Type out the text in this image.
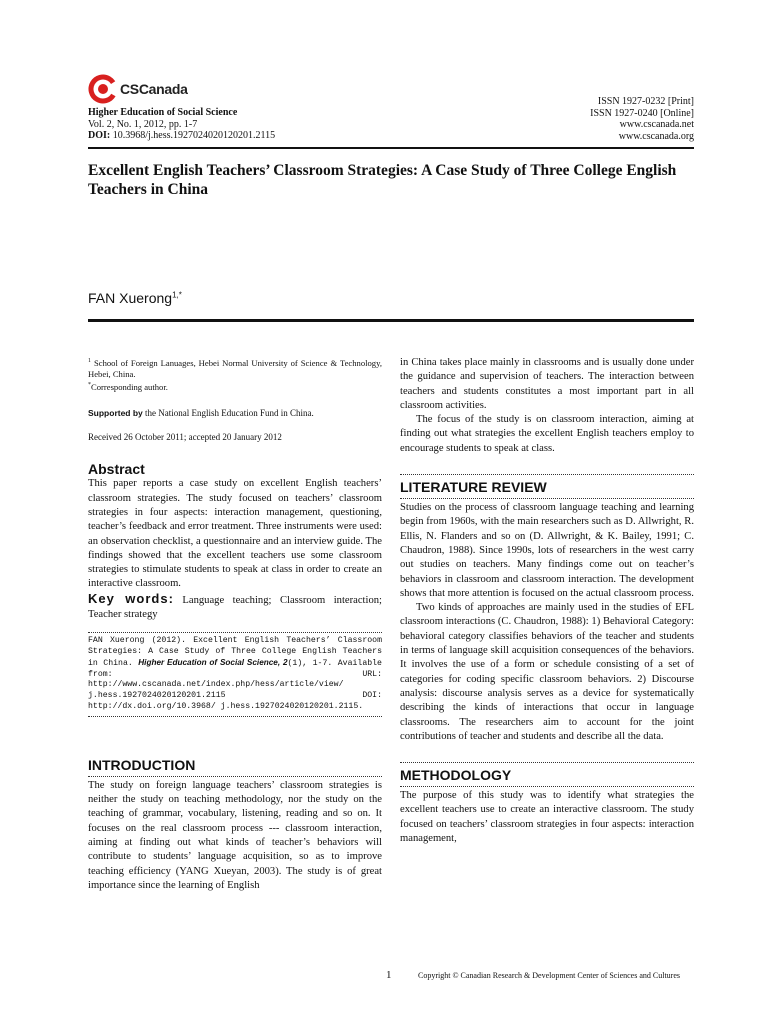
CSCanada
Higher Education of Social Science
Vol. 2, No. 1, 2012, pp. 1-7
DOI: 10.3968/j.hess.1927024020120201.2115
ISSN 1927-0232 [Print]
ISSN 1927-0240 [Online]
www.cscanada.net
www.cscanada.org
Excellent English Teachers’ Classroom Strategies: A Case Study of Three College English Teachers in China
FAN Xuerong$^{1,*}$
$^1$ School of Foreign Lanuages, Hebei Normal University of Science & Technology, Hebei, China.
*Corresponding author.
Supported by the National English Education Fund in China.
Received 26 October 2011; accepted 20 January 2012
Abstract

This paper reports a case study on excellent English teachers’ classroom strategies. The study focused on teachers’ classroom strategies in four aspects: interaction management, questioning, teacher’s feedback and error treatment. Three instruments were used: an observation checklist, a questionnaire and an interview guide. The findings showed that the excellent teachers use some classroom strategies to stimulate students to speak at class in order to create an interactive classroom.

Key words: Language teaching; Classroom interaction; Teacher strategy

FAN Xuerong (2012). Excellent English Teachers’ Classroom Strategies: A Case Study of Three College English Teachers in China. Higher Education of Social Science, 2(1), 1-7. Available from: URL: http://www.cscanada.net/index.php/hess/article/view/ j.hess.1927024020120201.2115 DOI: http://dx.doi.org/10.3968/ j.hess.1927024020120201.2115.
INTRODUCTION

The study on foreign language teachers’ classroom strategies is neither the study on teaching methodology, nor the study on the teaching of grammar, vocabulary, listening, reading and so on. It focuses on the real classroom process --- classroom interaction, aiming at finding out what kinds of teacher’s behaviors will contribute to students’ language acquisition, so as to improve teaching efficiency (YANG Xueyan, 2003). The study is of great importance since the learning of English

in China takes place mainly in classrooms and is usually done under the guidance and supervision of teachers. The interaction between teachers and students constitutes a most important part in all classroom activities.

The focus of the study is on classroom interaction, aiming at finding out what strategies the excellent English teachers employ to encourage students to speak at class.

LITERATURE REVIEW

Studies on the process of classroom language teaching and learning begin from 1960s, with the main researchers such as D. Allwright, R. Ellis, N. Flanders and so on (D. Allwright, & K. Bailey, 1991; C. Chaudron, 1988). Since 1990s, lots of researchers in the west carry out studies on teachers. Many findings come out on teacher’s behaviors in classroom and classroom interaction. The development shows that more attention is focused on the actual classroom process.

Two kinds of approaches are mainly used in the studies of EFL classroom interactions (C. Chaudron, 1988): 1) Behavioral Category: behavioral category classifies behaviors of the teacher and students in terms of language skill acquisition consequences of the behaviors. It involves the use of a form or schedule consisting of a set of categories for coding specific classroom behaviors. 2) Discourse analysis: discourse analysis serves as a device for systematically describing the kinds of interactions that occur in language classrooms. The researchers aim to account for the joint contributions of teacher and students and describe all the data.

METHODOLOGY

The purpose of this study was to identify what strategies the excellent teachers use to create an interactive classroom. The study focused on teachers’ classroom strategies in four aspects: interaction management,

1	Copyright © Canadian Research & Development Center of Sciences and Cultures
